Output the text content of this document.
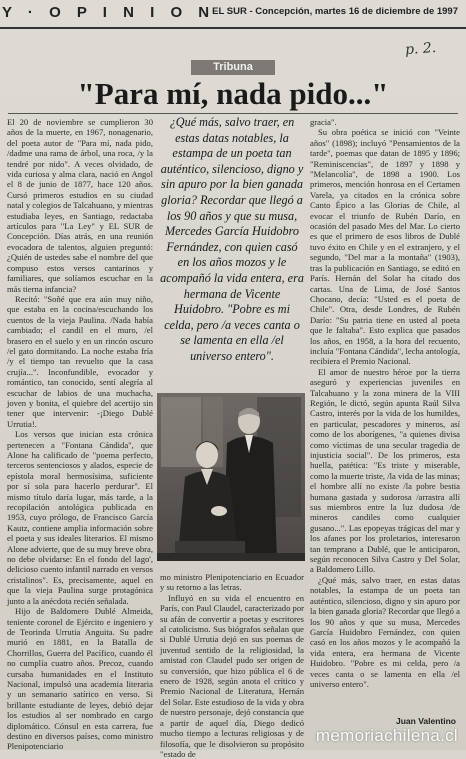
Y · O P I N I O N
EL SUR - Concepción, martes 16 de diciembre de 1997
p. 2.
Tribuna
"Para mí, nada pido..."

El 20 de noviembre se cumplieron 30 años de la muerte, en 1967, nonagenario, del poeta autor de "Para mí, nada pido, /dadme una rama de árbol, una roca, /y la tendré por nido". A veces olvidado, de vida curiosa y alma clara, nació en Angol el 8 de junio de 1877, hace 120 años. Cursó primeros estudios en su ciudad natal y colegios de Talcahuano, y mientras estudiaba leyes, en Santiago, redactaba artículos para "La Ley" y EL SUR de Concepción. Días atrás, en una reunión evocadora de talentos, alguien preguntó: ¿Quién de ustedes sabe el nombre del que compuso estos versos cantarinos y familiares, que solíamos escuchar en la más tierna infancia?

Recitó: "Soñé que era aún muy niño, que estaba en la cocina/escuchando los cuentos de la vieja Paulina. /Nada había cambiado; el candil en el muro, /el brasero en el suelo y en un rincón oscuro /el gato dormitando. La noche estaba fría /y el tiempo tan revuelto que la casa crujía...". Inconfundible, evocador y romántico, tan conocido, sentí alegría al escuchar de labios de una muchacha, joven y bonita, el quiebre del acertijo sin tener que intervenir: -¡Diego Dublé Urrutia!.

Los versos que inician esta crónica pertenecen a "Fontana Cándida", que Alone ha calificado de "poema perfecto, terceros sentenciosos y alados, especie de epístola moral hermosísima, suficiente por sí sola para hacerlo perdurar". El mismo título daría lugar, más tarde, a la recopilación antológica publicada en 1953, cuyo prólogo, de Francisco García Kautz, contiene amplia información sobre el poeta y sus ideales literarios. El mismo Alone advierte, que de su muy breve obra, no debe olvidarse: En el fondo del lago', delicioso cuento infantil narrado en versos cristalinos". Es, precisamente, aquel en que la vieja Paulina surge protagónica junto a la anécdota recién señalada.

Hijo de Baldomero Dublé Almeida, teniente coronel de Ejército e ingeniero y de Teorinda Urrutia Anguita. Su padre murió en 1881, en la Batalla de Chorrillos, Guerra del Pacífico, cuando él no cumplía cuatro años. Precoz, cuando cursaba humanidades en el Instituto Nacional, impulsó una academia literaria y un semanario satírico en verso. Si brillante estudiante de leyes, debió dejar los estudios al ser nombrado en cargo diplomático. Cónsul en esta carrera, fue destino en diversos países, como ministro Plenipotenciario

¿Qué más, salvo traer, en estas datas notables, la estampa de un poeta tan auténtico, silencioso, digno y sin apuro por la bien ganada gloria? Recordar que llegó a los 90 años y que su musa, Mercedes García Huidobro Fernández, con quien casó en los años mozos y le acompañó la vida entera, era hermana de Vicente Huidobro. "Pobre es mi celda, pero /a veces canta o se lamenta en ella /el universo entero".

mo ministro Plenipotenciario en Ecuador y su retorno a las letras.

Influyó en su vida el encuentro en París, con Paul Claudel, caracterizado por su afán de convertir a poetas y escritores al catolicismo. Sus biógrafos señalan que si Dublé Urrutia dejó en sus poemas de juventud sentido de la religiosidad, la amistad con Claudel pudo ser origen de su conversión, que hizo pública el 6 de enero de 1928, según anota el crítico y Premio Nacional de Literatura, Hernán del Solar. Este estudioso de la vida y obra de nuestro personaje, dejó constancia que a partir de aquel día, Diego dedicó mucho tiempo a lecturas religiosas y de filosofía, que le disolvieron su propósito "estado de

gracia".

Su obra poética se inició con "Veinte años" (1898); incluyó "Pensamientos de la tarde", poemas que datan de 1895 y 1896; "Reminiscencias", de 1897 y 1898 y "Melancolía", de 1898 a 1900. Los primeros, mención honrosa en el Certamen Varela, ya citados en la crónica sobre Canto Épico a las Glorias de Chile, al evocar el triunfo de Rubén Darío, en ocasión del pasado Mes del Mar. Lo cierto es que el primero de esos libros de Dublé tuvo éxito en Chile y en el extranjero, y el segundo, "Del mar a la montaña" (1903), tras la publicación en Santiago, se editó en París. Hernán del Solar ha citado dos cartas. Una de Lima, de José Santos Chocano, decía: "Usted es el poeta de Chile". Otra, desde Londres, de Rubén Darío: "Su patria tiene en usted al poeta que le faltaba". Esto explica que pasados los años, en 1958, a la hora del recuento, incluía "Fontana Cándida", lecha antología, recibiera el Premio Nacional.

El amor de nuestro héroe por la tierra aseguró y experiencias juveniles en Talcahuano y la zona minera de la VIII Región, le dictó, según apunta Raúl Silva Castro, interés por la vida de los humildes, en particular, pescadores y mineros, así como de los aborígenes, "a quienes divisa como víctimas de una secular tragedia de injusticia social". De los primeros, esta huella, patética: "Es triste y miserable, como la muerte triste, /la vida de las minas; el hombre allí no existe /la pobre bestia humana gastada y sudorosa /arrastra allí sus miembros entre la luz dudosa /de mineros candiles como cualquier gusano...". Las epopeyas trágicas del mar y los afanes por los proletarios, interesaron tan temprano a Dublé, que le anticiparon, según reconocen Silva Castro y Del Solar, a Baldomero Lillo.

¿Qué más, salvo traer, en estas datas notables, la estampa de un poeta tan auténtico, silencioso, digno y sin apuro por la bien ganada gloria? Recordar que llegó a los 90 años y que su musa, Mercedes García Huidobro Fernández, con quien casó en los años mozos y le acompañó la vida entera, era hermana de Vicente Huidobro. "Pobre es mi celda, pero /a veces canta o se lamenta en ella /el universo entero".

Juan Valentino
memoriachilena.cl
